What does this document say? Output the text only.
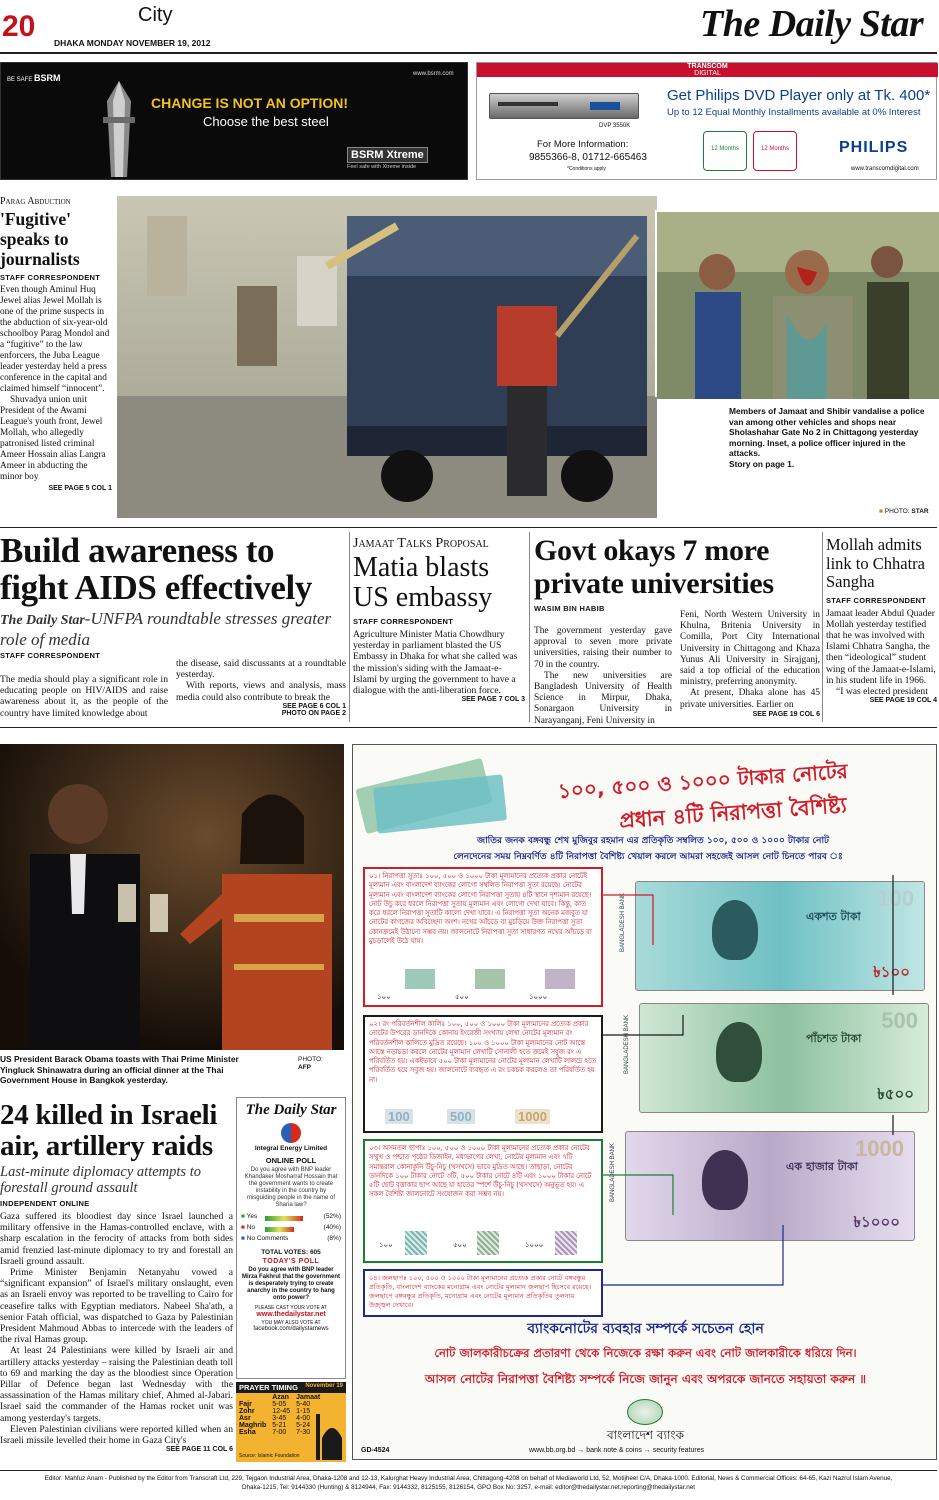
20	City
DHAKA MONDAY NOVEMBER 19, 2012	The Daily Star
BE SAFE BSRM	www.bsrm.com
CHANGE IS NOT AN OPTION!
Choose the best steel
BSRM Xtreme
Feel safe with Xtreme inside
TRANSCOM
DIGITAL
DVP 3550K
Get Philips DVD Player only at Tk. 400*
Up to 12 Equal Monthly Installments available at 0% Interest
For More Information:
9855366-8, 01712-665463
*Conditions apply
12 Months	12 Months	PHILIPS
www.transcomdigital.com
Parag Abduction
'Fugitive' speaks to journalists
STAFF CORRESPONDENT
Even though Aminul Huq Jewel alias Jewel Mollah is one of the prime suspects in the abduction of six-year-old schoolboy Parag Mondol and a “fugitive” to the law enforcers, the Juba League leader yesterday held a press conference in the capital and claimed himself “innocent”.
Shuvadya union unit President of the Awami League's youth front, Jewel Mollah, who allegedly patronised listed criminal Ameer Hossain alias Langra Ameer in abducting the minor boy
SEE PAGE 5 COL 1
Members of Jamaat and Shibir vandalise a police van among other vehicles and shops near Sholashahar Gate No 2 in Chittagong yesterday morning. Inset, a police officer injured in the attacks.
Story on page 1.
■ PHOTO: STAR
Build awareness to fight AIDS effectively
The Daily Star-UNFPA roundtable stresses greater role of media
STAFF CORRESPONDENT
The media should play a significant role in educating people on HIV/AIDS and raise awareness about it, as the people of the country have limited knowledge about
the disease, said discussants at a roundtable yesterday.
With reports, views and analysis, mass media could also contribute to break the
SEE PAGE 6 COL 1
PHOTO ON PAGE 2
Jamaat Talks Proposal
Matia blasts US embassy
STAFF CORRESPONDENT
Agriculture Minister Matia Chowdhury yesterday in parliament blasted the US Embassy in Dhaka for what she called was the mission's siding with the Jamaat-e-Islami by urging the government to have a dialogue with the anti-liberation force.
SEE PAGE 7 COL 3
Govt okays 7 more private universities
WASIM BIN HABIB
The government yesterday gave approval to seven more private universities, raising their number to 70 in the country.
The new universities are Bangladesh University of Health Science in Mirpur, Dhaka, Sonargaon University in Narayanganj, Feni University in
Feni, North Western University in Khulna, Britenia University in Comilla, Port City International University in Chittagong and Khaza Yunus Ali University in Sirajganj, said a top official of the education ministry, preferring anonymity.
At present, Dhaka alone has 45 private universities. Earlier on
SEE PAGE 19 COL 6
Mollah admits link to Chhatra Sangha
STAFF CORRESPONDENT
Jamaat leader Abdul Quader Mollah yesterday testified that he was involved with Islami Chhatra Sangha, the then “ideological” student wing of the Jamaat-e-Islami, in his student life in 1966.
“I was elected president
SEE PAGE 19 COL 4
US President Barack Obama toasts with Thai Prime Minister Yingluck Shinawatra during an official dinner at the Thai Government House in Bangkok yesterday.
PHOTO:
AFP
24 killed in Israeli air, artillery raids
Last-minute diplomacy attempts to forestall ground assault
INDEPENDENT ONLINE
Gaza suffered its bloodiest day since Israel launched a military offensive in the Hamas-controlled enclave, with a sharp escalation in the ferocity of attacks from both sides amid frenzied last-minute diplomacy to try and forestall an Israeli ground assault.
Prime Minister Benjamin Netanyahu vowed a “significant expansion” of Israel's military onslaught, even as an Israeli envoy was reported to be travelling to Cairo for ceasefire talks with Egyptian mediators. Nabeel Sha'ath, a senior Fatah official, was dispatched to Gaza by Palestinian President Mahmoud Abbas to intercede with the leaders of the rival Hamas group.
At least 24 Palestinians were killed by Israeli air and artillery attacks yesterday – raising the Palestinian death toll to 69 and marking the day as the bloodiest since Operation Pillar of Defence began last Wednesday with the assassination of the Hamas military chief, Ahmed al-Jabari. Israel said the commander of the Hamas rocket unit was among yesterday's targets.
Eleven Palestinian civilians were reported killed when an Israeli missile levelled their home in Gaza City's
SEE PAGE 11 COL 6
The Daily Star
Integral Energy Limited
ONLINE POLL
Do you agree with BNP leader Khandaker Mosharraf Hossain that the government wants to create instability in the country by misguiding people in the name of Sharia law?
■ Yes	(52%)
■ No	(40%)
■ No Comments	(8%)
TOTAL VOTES: 605
TODAY'S POLL
Do you agree with BNP leader Mirza Fakhrul that the government is desperately trying to create anarchy in the country to hang onto power?
PLEASE CAST YOUR VOTE AT
www.thedailystar.net
YOU MAY ALSO VOTE AT
facebook.com/dailystarnews
PRAYER TIMING November 19
	Azan	Jamaat
Fajr	5-05	5-40
Zohr	12-45	1-15
Asr	3-45	4-00
Maghrib	5-21	5-24
Esha	7-00	7-30
Source: Islamic Foundation
১০০, ৫০০ ও ১০০০ টাকার নোটের
প্রধান ৪টি নিরাপত্তা বৈশিষ্ট্য
জাতির জনক বঙ্গবন্ধু শেখ মুজিবুর রহমান এর প্রতিকৃতি সম্বলিত ১০০, ৫০০ ও ১০০০ টাকার নোট
লেনদেনের সময় নিম্নবর্ণিত ৪টি নিরাপত্তা বৈশিষ্ট্য খেয়াল করলে আমরা সহজেই আসল নোট চিনতে পারব ঃ
০১। নিরাপত্তা সুতাঃ ১০০, ৫০০ ও ১০০০ টাকা মূল্যমানের প্রত্যেক প্রকার নোটেই মূল্যমান এবং বাংলাদেশ ব্যাংকের লোগো সম্বলিত নিরাপত্তা সুতা রয়েছে। নোটের মূল্যমান এবং বাংলাদেশ ব্যাংকের লোগো নিরাপত্তা সুতায় ৪টি স্থানে দৃশ্যমান রয়েছে। নোট উচু করে ধরলে নিরাপত্তা সুতায় মূল্যমান এবং লোগো দেখা যাবে। কিন্তু, কাত করে ধরলে নিরাপত্তা সুতাটি কালো দেখা যাবে। এ নিরাপত্তা সুতা অনেক মজবুত যা নোটের কাগজের অবিচ্ছেদ্য অংশ। নখের আঁচড়ে বা মুচড়িয়ে উক্ত নিরাপত্তা সুতা কোনক্রমেই উঠানো সম্ভব নয়। জালনোটে নিরাপত্তা সুতা সাধারণত নখের আঁচড়ে বা মুচড়ালেই উঠে যায়।
১০০	৫০০	১০০০
০২। রং পরিবর্তনশীল কালিঃ ১০০, ৫০০ ও ১০০০ টাকা মূল্যমানের প্রত্যেক প্রকার নোটের উপরের ডানদিকে কোনায় ইংরেজী সংখ্যায় লেখা নোটের মূল্যমান রং পরিবর্তনশীল কালিতে মুদ্রিত রয়েছে। ১০০ ও ১০০০ টাকা মূল্যমানের নোট আস্তে আস্তে নড়াচড়া করলে নোটের মূল্যমান লেখাটি সোনালী হতে ক্রমেই সবুজ রং এ পরিবর্তিত হয়। একইভাবে ৫০০ টাকা মূল্যমানের নোটের মূল্যমান লেখাটি লালচে হতে পরিবর্তিত হয়ে সবুজ হয়। জালনোটে ব্যবহৃত এ রং চকচক করলেও তা পরিবর্তিত হয় না।
100	500	1000
০৩। অসমতল ছাপাঃ ১০০, ৫০০ ও ১০০০ টাকা মূল্যমানের প্রত্যেক প্রকার নোটের সম্মুখ ও পশ্চাত পৃষ্ঠের ডিজাইন, মধ্যভাগের লেখা, নোটের মূল্যমান এবং ৭টি সমান্তরাল কোনাকুনি উঁচু-নিচু (খসখসে) ভাবে মুদ্রিত আছে। তাছাড়া, নোটের ডানদিকে ১০০ টাকার নোটে ৩টি, ৫০০ টাকার নোটে ৪টি এবং ১০০০ টাকার নোটে ৫টি ছোট বৃত্তাকার ছাপ আছে যা হাতের স্পর্শে উঁচু-নিচু (খসখসে) অনুভূত হয়। এ সকল বৈশিষ্ট্য জালনোটে সংযোজন করা সম্ভব নয়।
১০০	৫০০	১০০০
০৪। জলছাপঃ ১০০, ৫০০ ও ১০০০ টাকা মূল্যমানের প্রত্যেক প্রকার নোটে বঙ্গবন্ধুর প্রতিকৃতি, বাংলাদেশ ব্যাংকের মনোগ্রাম এবং নোটের মূল্যমান জলছাপ হিসেবে রয়েছে। জলছাপে বঙ্গবন্ধুর প্রতিকৃতি, মনোগ্রাম এবং নোটের মূল্যমান প্রতিকৃতির তুলনায় উজ্জ্বল দেখাবে।
100
BANGLADESH BANK	একশত টাকা
৳১০০
500
BANGLADESH BANK	পাঁচশত টাকা
৳৫০০
1000
BANGLADESH BANK	এক হাজার টাকা
৳১০০০
ব্যাংকনোটের ব্যবহার সম্পর্কে সচেতন হোন
নোট জালকারীচক্রের প্রতারণা থেকে নিজেকে রক্ষা করুন এবং নোট জালকারীকে ধরিয়ে দিন।
আসল নোটের নিরাপত্তা বৈশিষ্ট্য সম্পর্কে নিজে জানুন এবং অপরকে জানতে সহায়তা করুন ॥
বাংলাদেশ ব্যাংক
www.bb.org.bd → bank note & coins → security features
GD-4524
Editor: Mahfuz Anam - Published by the Editor from Transcraft Ltd, 229, Tejgaon Industrial Area, Dhaka-1208 and 12-13, Kalurghat Heavy Industrial Area, Chittagong-4208 on behalf of Mediaworld Ltd, 52, Motijheel C/A, Dhaka-1000. Editorial, News & Commercial Offices: 64-65, Kazi Nazrul Islam Avenue,
Dhaka-1215, Tel: 9144330 (Hunting) & 8124944, Fax: 9144332, 8125155, 8126154, GPO Box No: 3257, e-mail: editor@thedailystar.net,reporting@thedailystar.net
